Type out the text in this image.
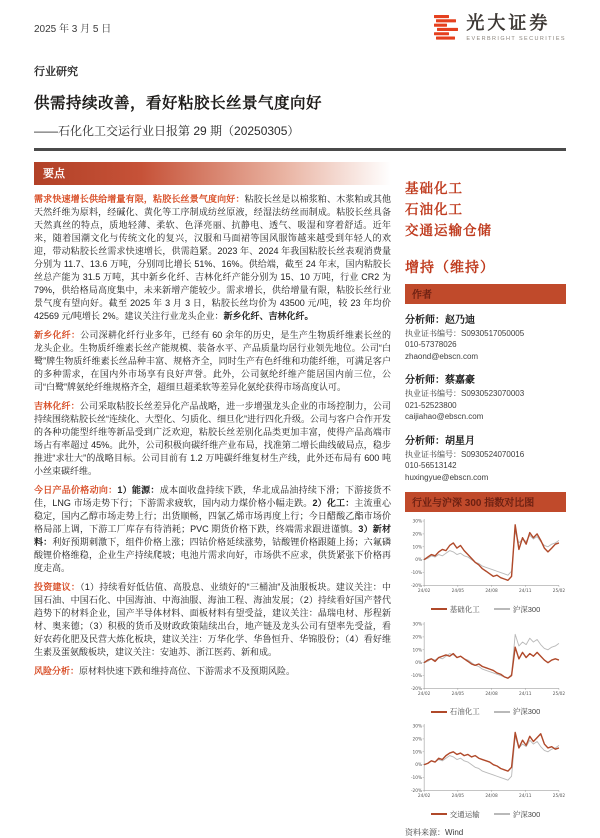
2025 年 3 月 5 日	光大证券
EVERBRIGHT SECURITIES
行业研究
供需持续改善，看好粘胶长丝景气度向好
——石化化工交运行业日报第 29 期（20250305）
要点

需求快速增长供给增量有限，粘胶长丝景气度向好：粘胶长丝是以棉浆粕、木浆粕或其他天然纤维为原料，经碱化、黄化等工序制成纺丝原液，经湿法纺丝而制成。粘胶长丝具备天然真丝的特点，质地轻薄、柔软、色泽亮丽、抗静电、透气、吸湿和穿着舒适。近年来，随着国潮文化与传统文化的复兴，汉服和马面裙等国风服饰越来越受到年轻人的欢迎，带动粘胶长丝需求快速增长，供需趋紧。2023 年、2024 年我国粘胶长丝表观消费量分别为 11.7、13.6 万吨，分别同比增长 51%、16%。供给端，截至 24 年末，国内粘胶长丝总产能为 31.5 万吨，其中新乡化纤、吉林化纤产能分别为 15、10 万吨，行业 CR2 为 79%，供给格局高度集中，未来新增产能较少。需求增长，供给增量有限，粘胶长丝行业景气度有望向好。截至 2025 年 3 月 3 日，粘胶长丝均价为 43500 元/吨，较 23 年均价 42569 元/吨增长 2%。建议关注行业龙头企业：新乡化纤、吉林化纤。

新乡化纤：公司深耕化纤行业多年，已经有 60 余年的历史，是生产生物质纤维素长丝的龙头企业。生物质纤维素长丝产能规模、装备水平、产品质量均居行业领先地位。公司“白鹭”牌生物质纤维素长丝品种丰富、规格齐全，同时生产有色纤维和功能纤维，可满足客户的多种需求，在国内外市场享有良好声誉。此外，公司氨纶纤维产能居国内前三位，公司“白鹭”牌氨纶纤维规格齐全，超细旦超柔软等差异化氨纶获得市场高度认可。

吉林化纤：公司采取粘胶长丝差异化产品战略，进一步增强龙头企业的市场控制力，公司持续围绕粘胶长丝“连续化、大型化、匀质化、细旦化”进行四化升级。公司与客户合作开发的各种功能型纤维等新品受到广泛欢迎，粘胶长丝差别化品类更加丰富，使得产品高端市场占有率超过 45%。此外，公司积极向碳纤维产业布局，找准第二增长曲线破局点，稳步推进“求壮大”的战略目标。公司目前有 1.2 万吨碳纤维复材生产线，此外还布局有 600 吨小丝束碳纤维。

今日产品价格动向：1）能源：成本面收盘持续下跌，华北成品油持续下滑；下游接货不佳，LNG 市场走势下行；下游需求疲软，国内动力煤价格小幅走跌。2）化工：主流重心稳定，国内乙醇市场走势上行；出货顺畅，四氯乙烯市场再度上行；今日醋酸乙酯市场价格局部上调，下游工厂库存有待消耗；PVC 期货价格下跌，终端需求跟进谨慎。3）新材料：利好预期刺激下，组件价格上涨；四钴价格延续涨势，钴酸锂价格跟随上扬；六氟磷酸锂价格维稳，企业生产持续爬坡；电池片需求向好，市场供不应求，供货紧张下价格再度走高。

投资建议：（1）持续看好低估值、高股息、业绩好的“三桶油”及油服板块。建议关注：中国石油、中国石化、中国海油、中海油服、海油工程、海油发展；（2）持续看好国产替代趋势下的材料企业，国产半导体材料、面板材料有望受益，建议关注：晶瑞电材、彤程新材、奥来德；（3）积极的货币及财政政策陆续出台，地产链及龙头公司有望率先受益，看好农药化肥及民营大炼化板块，建议关注：万华化学、华鲁恒升、华锦股份；（4）看好维生素及蛋氨酸板块，建议关注：安迪苏、浙江医药、新和成。

风险分析：原材料快速下跌和维持高位、下游需求不及预期风险。

基础化工
石油化工
交通运输仓储
增持（维持）
作者
分析师：赵乃迪
执业证书编号：S0930517050005
010-57378026
zhaond@ebscn.com
分析师：蔡嘉豪
执业证书编号：S0930523070003
021-52523800
caijiahao@ebscn.com
分析师：胡星月
执业证书编号：S0930524070016
010-56513142
huxingyue@ebscn.com
行业与沪深 300 指数对比图
30%
20%
10%
0%
-10%
-20%
24/02	24/05	24/08	24/11	25/02
基础化工	沪深300
30%
20%
10%
0%
-10%
-20%
24/02	24/05	24/08	24/11	25/02
石油化工	沪深300
30%
20%
10%
0%
-10%
-20%
24/02	24/05	24/08	24/11	25/02
交通运输	沪深300
资料来源：Wind
